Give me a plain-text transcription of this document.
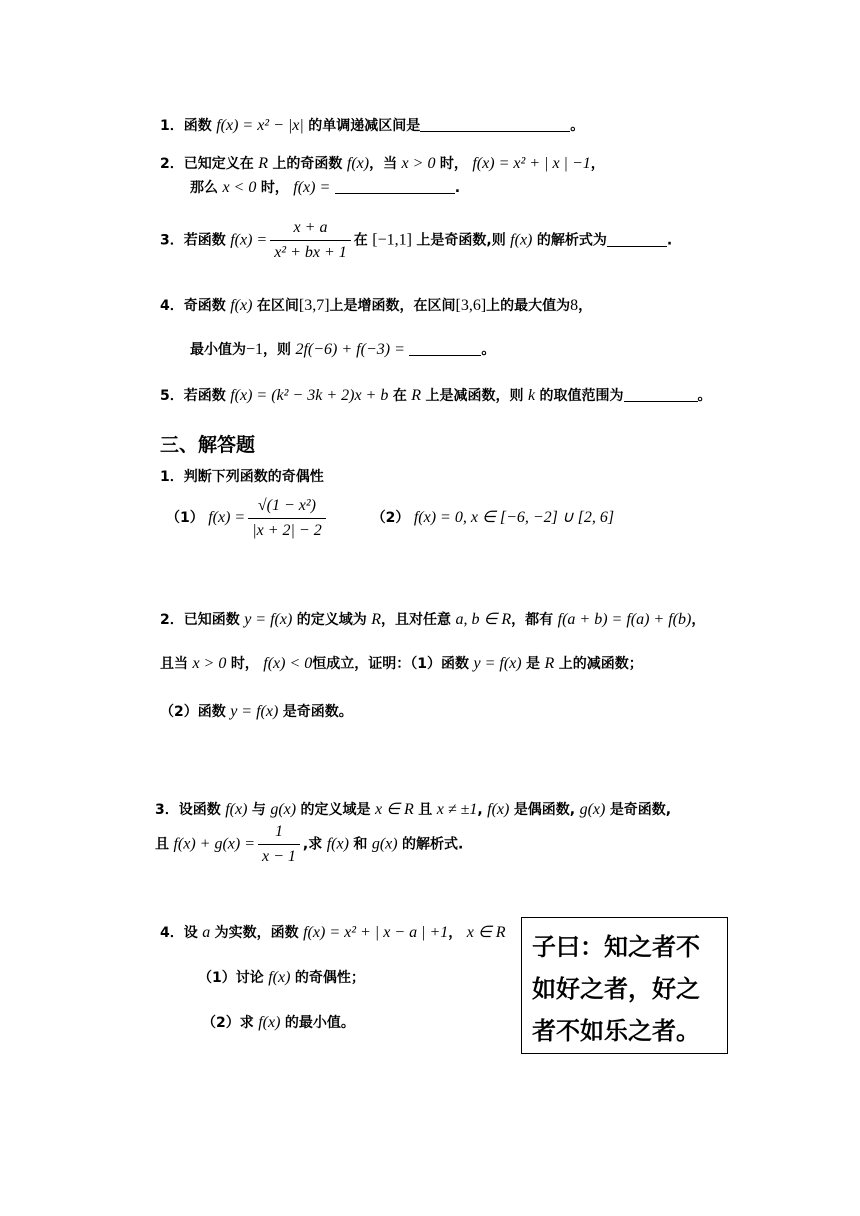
1．函数 f(x) = x² − |x| 的单调递减区间是	。
2．已知定义在 R 上的奇函数 f(x)，当 x > 0 时， f(x) = x² + | x | −1，
那么 x < 0 时， f(x) =	.
3．若函数 $f(x) = \frac{x + a}{\text{x² + bx + 1}}$ 在 [−1,1] 上是奇函数,则 f(x) 的解析式为	.
4．奇函数 f(x) 在区间[3,7]上是增函数，在区间[3,6]上的最大值为8，
最小值为−1，则 2f(−6) + f(−3) =	。
5．若函数 f(x) = (k² − 3k + 2)x + b 在 R 上是减函数，则 k 的取值范围为	。
三、解答题
1．判断下列函数的奇偶性
（1） $f(x) = \frac{\text{√(1 − x²)}}{|x + 2| - 2}$	（2） f(x) = 0, x ∈ [−6, −2] ∪ [2, 6]
2．已知函数 y = f(x) 的定义域为 R，且对任意 a, b ∈ R，都有 f(a + b) = f(a) + f(b)，
且当 x > 0 时， f(x) < 0恒成立，证明：（1）函数 y = f(x) 是 R 上的减函数；
（2）函数 y = f(x) 是奇函数。
3．设函数 f(x) 与 g(x) 的定义域是 x ∈ R 且 x ≠ ±1, f(x) 是偶函数, g(x) 是奇函数,
且 $f(x) + g(x) = \frac{1}{x - 1}$ ,求 f(x) 和 g(x) 的解析式.
4．设 a 为实数，函数 f(x) = x² + | x − a | +1， x ∈ R
（1）讨论 f(x) 的奇偶性；
（2）求 f(x) 的最小值。
子曰：知之者不
如好之者，好之
者不如乐之者。
